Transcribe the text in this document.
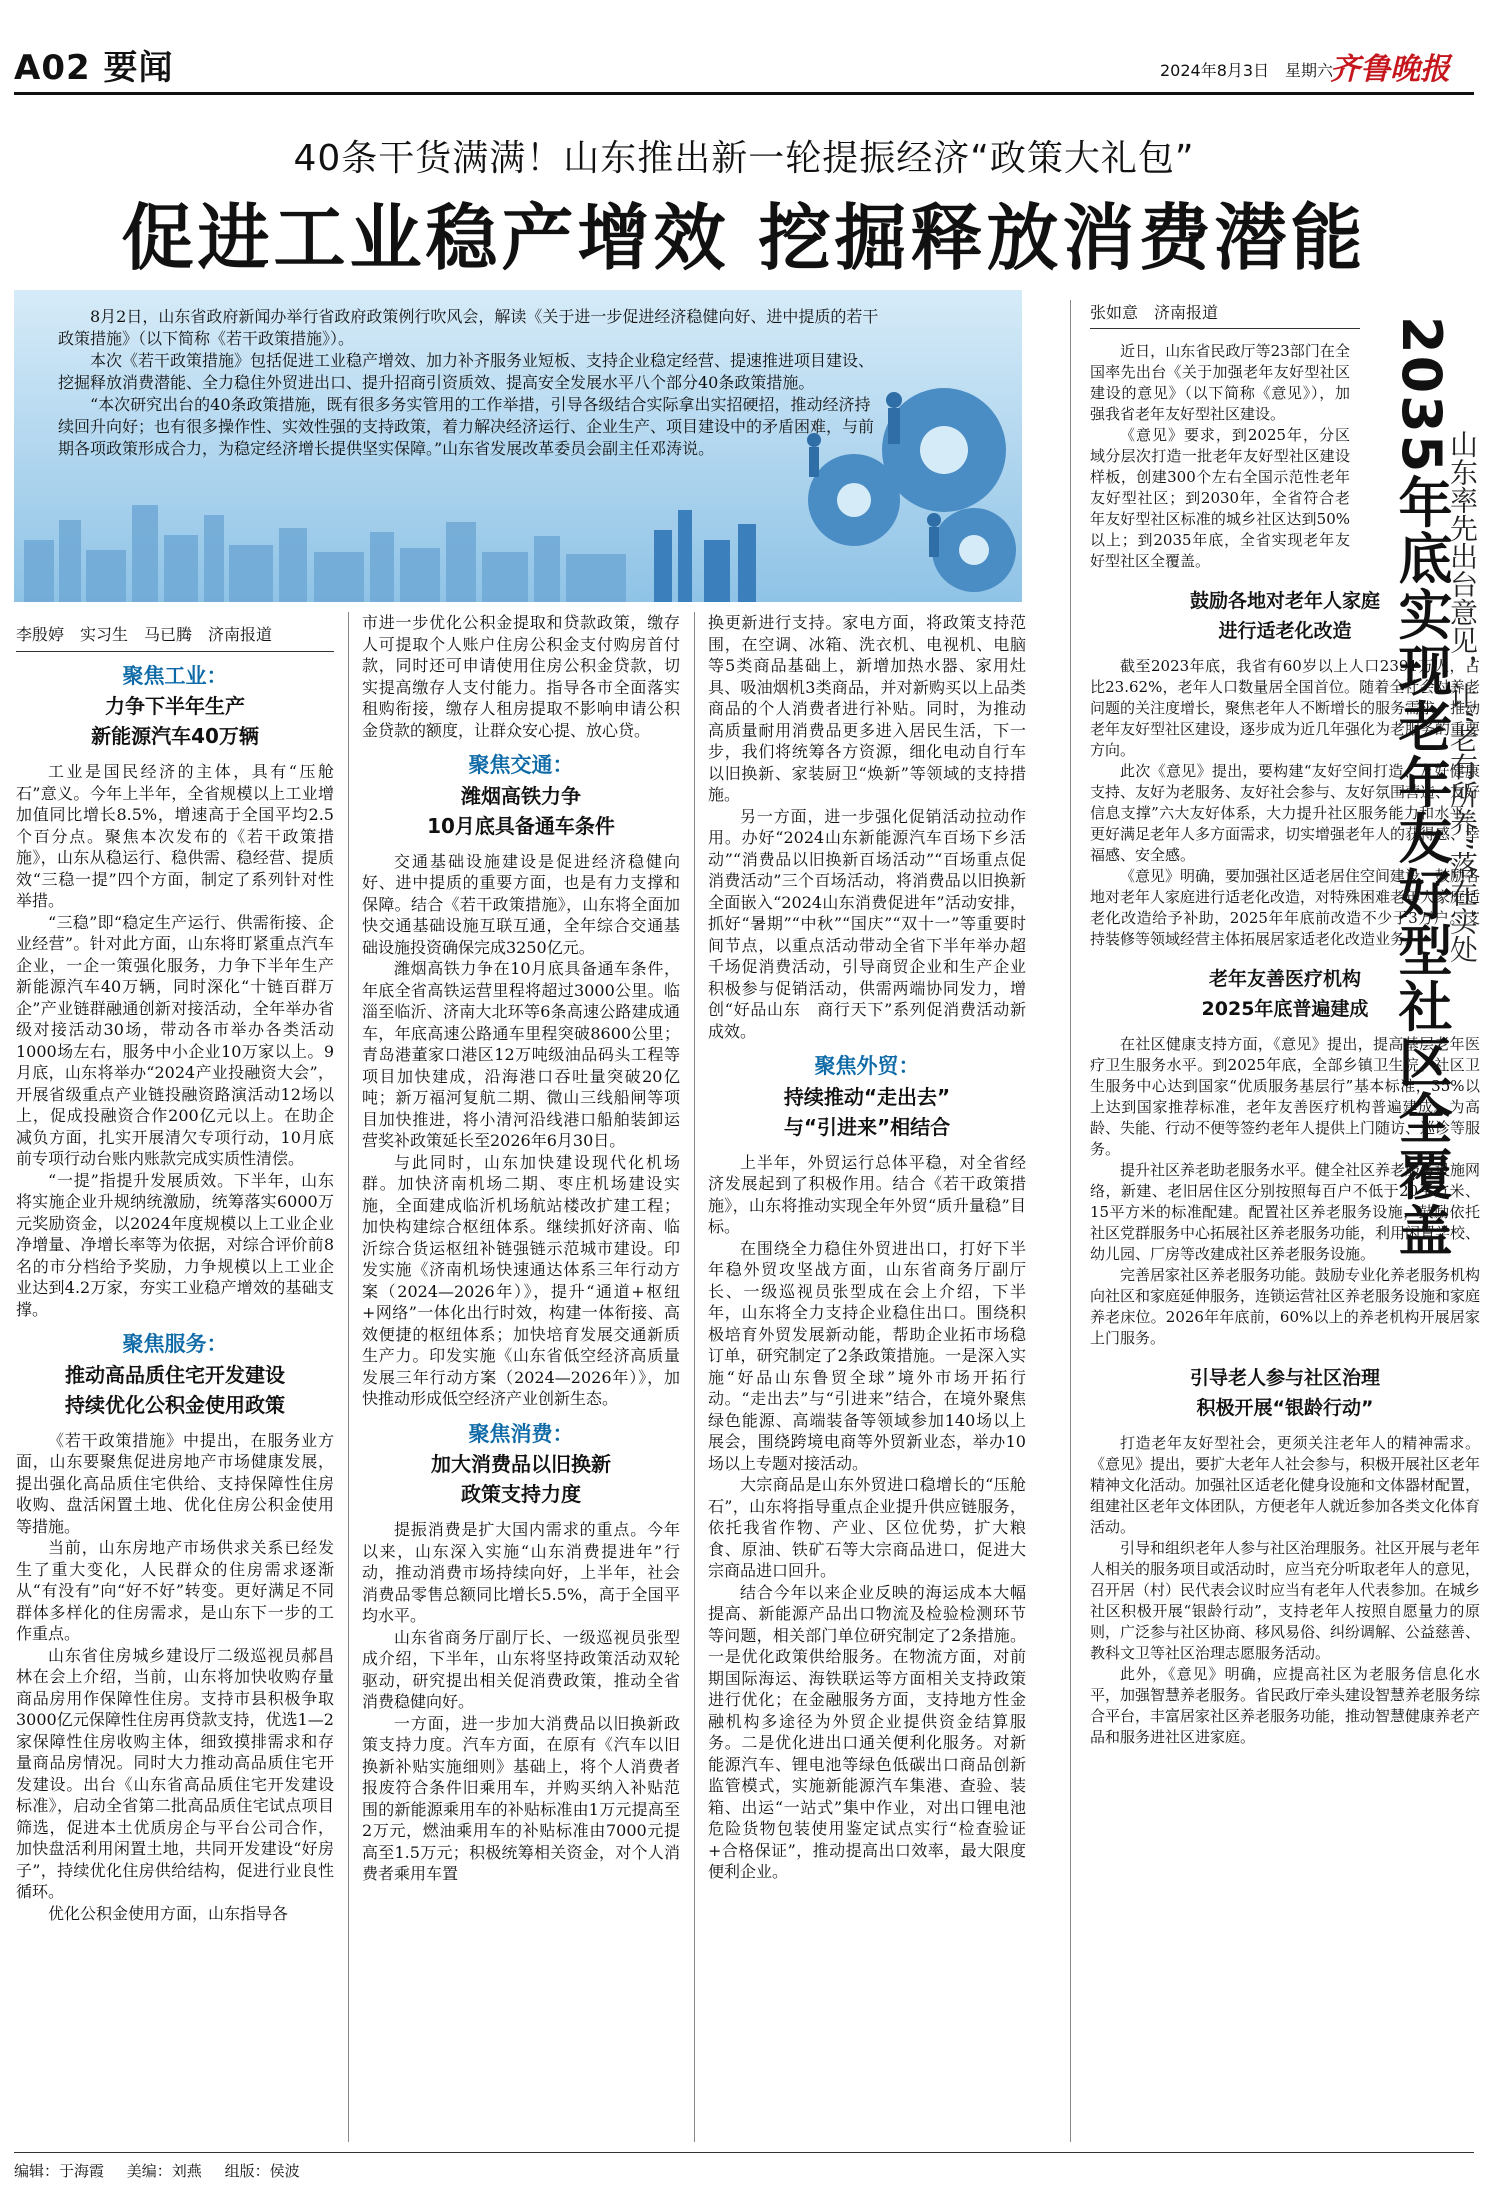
A02 要闻	2024年8月3日 星期六
齐鲁晚报
40条干货满满！山东推出新一轮提振经济“政策大礼包”
促进工业稳产增效 挖掘释放消费潜能

8月2日，山东省政府新闻办举行省政府政策例行吹风会，解读《关于进一步促进经济稳健向好、进中提质的若干政策措施》（以下简称《若干政策措施》）。

本次《若干政策措施》包括促进工业稳产增效、加力补齐服务业短板、支持企业稳定经营、提速推进项目建设、挖掘释放消费潜能、全力稳住外贸进出口、提升招商引资质效、提高安全发展水平八个部分40条政策措施。

“本次研究出台的40条政策措施，既有很多务实管用的工作举措，引导各级结合实际拿出实招硬招，推动经济持续回升向好；也有很多操作性、实效性强的支持政策，着力解决经济运行、企业生产、项目建设中的矛盾困难，与前期各项政策形成合力，为稳定经济增长提供坚实保障。”山东省发展改革委员会副主任邓涛说。

李殷婷　实习生　马已腾　济南报道
聚焦工业：
力争下半年生产
新能源汽车40万辆

工业是国民经济的主体，具有“压舱石”意义。今年上半年，全省规模以上工业增加值同比增长8.5%，增速高于全国平均2.5个百分点。聚焦本次发布的《若干政策措施》，山东从稳运行、稳供需、稳经营、提质效“三稳一提”四个方面，制定了系列针对性举措。

“三稳”即“稳定生产运行、供需衔接、企业经营”。针对此方面，山东将盯紧重点汽车企业，一企一策强化服务，力争下半年生产新能源汽车40万辆，同时深化“十链百群万企”产业链群融通创新对接活动，全年举办省级对接活动30场，带动各市举办各类活动1000场左右，服务中小企业10万家以上。9月底，山东将举办“2024产业投融资大会”，开展省级重点产业链投融资路演活动12场以上，促成投融资合作200亿元以上。在助企减负方面，扎实开展清欠专项行动，10月底前专项行动台账内账款完成实质性清偿。

“一提”指提升发展质效。下半年，山东将实施企业升规纳统激励，统筹落实6000万元奖励资金，以2024年度规模以上工业企业净增量、净增长率等为依据，对综合评价前8名的市分档给予奖励，力争规模以上工业企业达到4.2万家，夯实工业稳产增效的基础支撑。

聚焦服务：
推动高品质住宅开发建设
持续优化公积金使用政策

《若干政策措施》中提出，在服务业方面，山东要聚焦促进房地产市场健康发展，提出强化高品质住宅供给、支持保障性住房收购、盘活闲置土地、优化住房公积金使用等措施。

当前，山东房地产市场供求关系已经发生了重大变化，人民群众的住房需求逐渐从“有没有”向“好不好”转变。更好满足不同群体多样化的住房需求，是山东下一步的工作重点。

山东省住房城乡建设厅二级巡视员郝昌林在会上介绍，当前，山东将加快收购存量商品房用作保障性住房。支持市县积极争取3000亿元保障性住房再贷款支持，优选1—2家保障性住房收购主体，细致摸排需求和存量商品房情况。同时大力推动高品质住宅开发建设。出台《山东省高品质住宅开发建设标准》，启动全省第二批高品质住宅试点项目筛选，促进本土优质房企与平台公司合作，加快盘活利用闲置土地，共同开发建设“好房子”，持续优化住房供给结构，促进行业良性循环。

优化公积金使用方面，山东指导各

市进一步优化公积金提取和贷款政策，缴存人可提取个人账户住房公积金支付购房首付款，同时还可申请使用住房公积金贷款，切实提高缴存人支付能力。指导各市全面落实租购衔接，缴存人租房提取不影响申请公积金贷款的额度，让群众安心提、放心贷。

聚焦交通：
潍烟高铁力争
10月底具备通车条件

交通基础设施建设是促进经济稳健向好、进中提质的重要方面，也是有力支撑和保障。结合《若干政策措施》，山东将全面加快交通基础设施互联互通，全年综合交通基础设施投资确保完成3250亿元。

潍烟高铁力争在10月底具备通车条件，年底全省高铁运营里程将超过3000公里。临淄至临沂、济南大北环等6条高速公路建成通车，年底高速公路通车里程突破8600公里；青岛港董家口港区12万吨级油品码头工程等项目加快建成，沿海港口吞吐量突破20亿吨；新万福河复航二期、微山三线船闸等项目加快推进，将小清河沿线港口船舶装卸运营奖补政策延长至2026年6月30日。

与此同时，山东加快建设现代化机场群。加快济南机场二期、枣庄机场建设实施，全面建成临沂机场航站楼改扩建工程；加快构建综合枢纽体系。继续抓好济南、临沂综合货运枢纽补链强链示范城市建设。印发实施《济南机场快速通达体系三年行动方案（2024—2026年）》，提升“通道+枢纽+网络”一体化出行时效，构建一体衔接、高效便捷的枢纽体系；加快培育发展交通新质生产力。印发实施《山东省低空经济高质量发展三年行动方案（2024—2026年）》，加快推动形成低空经济产业创新生态。

聚焦消费：
加大消费品以旧换新
政策支持力度

提振消费是扩大国内需求的重点。今年以来，山东深入实施“山东消费提进年”行动，推动消费市场持续向好，上半年，社会消费品零售总额同比增长5.5%，高于全国平均水平。

山东省商务厅副厅长、一级巡视员张型成介绍，下半年，山东将坚持政策活动双轮驱动，研究提出相关促消费政策，推动全省消费稳健向好。

一方面，进一步加大消费品以旧换新政策支持力度。汽车方面，在原有《汽车以旧换新补贴实施细则》基础上，将个人消费者报废符合条件旧乘用车，并购买纳入补贴范围的新能源乘用车的补贴标准由1万元提高至2万元，燃油乘用车的补贴标准由7000元提高至1.5万元；积极统筹相关资金，对个人消费者乘用车置

换更新进行支持。家电方面，将政策支持范围，在空调、冰箱、洗衣机、电视机、电脑等5类商品基础上，新增加热水器、家用灶具、吸油烟机3类商品，并对新购买以上品类商品的个人消费者进行补贴。同时，为推动高质量耐用消费品更多进入居民生活，下一步，我们将统筹各方资源，细化电动自行车以旧换新、家装厨卫“焕新”等领域的支持措施。

另一方面，进一步强化促销活动拉动作用。办好“2024山东新能源汽车百场下乡活动”“消费品以旧换新百场活动”“百场重点促消费活动”三个百场活动，将消费品以旧换新全面嵌入“2024山东消费促进年”活动安排，抓好“暑期”“中秋”“国庆”“双十一”等重要时间节点，以重点活动带动全省下半年举办超千场促消费活动，引导商贸企业和生产企业积极参与促销活动，供需两端协同发力，增创“好品山东　商行天下”系列促消费活动新成效。

聚焦外贸：
持续推动“走出去”
与“引进来”相结合

上半年，外贸运行总体平稳，对全省经济发展起到了积极作用。结合《若干政策措施》，山东将推动实现全年外贸“质升量稳”目标。

在围绕全力稳住外贸进出口，打好下半年稳外贸攻坚战方面，山东省商务厅副厅长、一级巡视员张型成在会上介绍，下半年，山东将全力支持企业稳住出口。围绕积极培育外贸发展新动能，帮助企业拓市场稳订单，研究制定了2条政策措施。一是深入实施“好品山东鲁贸全球”境外市场开拓行动。“走出去”与“引进来”结合，在境外聚焦绿色能源、高端装备等领域参加140场以上展会，围绕跨境电商等外贸新业态，举办10场以上专题对接活动。

大宗商品是山东外贸进口稳增长的“压舱石”，山东将指导重点企业提升供应链服务，依托我省作物、产业、区位优势，扩大粮食、原油、铁矿石等大宗商品进口，促进大宗商品进口回升。

结合今年以来企业反映的海运成本大幅提高、新能源产品出口物流及检验检测环节等问题，相关部门单位研究制定了2条措施。一是优化政策供给服务。在物流方面，对前期国际海运、海铁联运等方面相关支持政策进行优化；在金融服务方面，支持地方性金融机构多途径为外贸企业提供资金结算服务。二是优化进出口通关便利化服务。对新能源汽车、锂电池等绿色低碳出口商品创新监管模式，实施新能源汽车集港、查验、装箱、出运“一站式”集中作业，对出口锂电池危险货物包装使用鉴定试点实行“检查验证+合格保证”，推动提高出口效率，最大限度便利企业。

张如意　济南报道

近日，山东省民政厅等23部门在全国率先出台《关于加强老年友好型社区建设的意见》（以下简称《意见》），加强我省老年友好型社区建设。

《意见》要求，到2025年，分区域分层次打造一批老年友好型社区建设样板，创建300个左右全国示范性老年友好型社区；到2030年，全省符合老年友好型社区标准的城乡社区达到50%以上；到2035年底，全省实现老年友好型社区全覆盖。

鼓励各地对老年人家庭
进行适老化改造

截至2023年底，我省有60岁以上人口2391万人，占比23.62%，老年人口数量居全国首位。随着全社会对养老问题的关注度增长，聚焦老年人不断增长的服务需求，推动老年友好型社区建设，逐步成为近几年强化为老服务的重要方向。

此次《意见》提出，要构建“友好空间打造、友好健康支持、友好为老服务、友好社会参与、友好氛围营造、友好信息支撑”六大友好体系，大力提升社区服务能力和水平，更好满足老年人多方面需求，切实增强老年人的获得感、幸福感、安全感。

《意见》明确，要加强社区适老居住空间建设，鼓励各地对老年人家庭进行适老化改造，对特殊困难老年人家庭适老化改造给予补助，2025年年底前改造不少于3万户。支持装修等领域经营主体拓展居家适老化改造业务。

老年友善医疗机构
2025年底普遍建成

在社区健康支持方面，《意见》提出，提高基层老年医疗卫生服务水平。到2025年底，全部乡镇卫生院、社区卫生服务中心达到国家“优质服务基层行”基本标准，35%以上达到国家推荐标准，老年友善医疗机构普遍建成。为高龄、失能、行动不便等签约老年人提供上门随访、巡诊等服务。

提升社区养老助老服务水平。健全社区养老服务设施网络，新建、老旧居住区分别按照每百户不低于20平方米、15平方米的标准配建。配置社区养老服务设施，鼓励依托社区党群服务中心拓展社区养老服务功能，利用闲置学校、幼儿园、厂房等改建成社区养老服务设施。

完善居家社区养老服务功能。鼓励专业化养老服务机构向社区和家庭延伸服务，连锁运营社区养老服务设施和家庭养老床位。2026年年底前，60%以上的养老机构开展居家上门服务。

引导老人参与社区治理
积极开展“银龄行动”

打造老年友好型社会，更须关注老年人的精神需求。《意见》提出，要扩大老年人社会参与，积极开展社区老年精神文化活动。加强社区适老化健身设施和文体器材配置，组建社区老年文体团队，方便老年人就近参加各类文化体育活动。

引导和组织老年人参与社区治理服务。社区开展与老年人相关的服务项目或活动时，应当充分听取老年人的意见，召开居（村）民代表会议时应当有老年人代表参加。在城乡社区积极开展“银龄行动”，支持老年人按照自愿量力的原则，广泛参与社区协商、移风易俗、纠纷调解、公益慈善、教科文卫等社区治理志愿服务活动。

此外，《意见》明确，应提高社区为老服务信息化水平，加强智慧养老服务。省民政厅牵头建设智慧养老服务综合平台，丰富居家社区养老服务功能，推动智慧健康养老产品和服务进社区进家庭。

2035年底实现老年友好型社区全覆盖
山东率先出台意见，让“老有所养”落在实处
编辑：于海霞 美编：刘燕 组版：侯波
